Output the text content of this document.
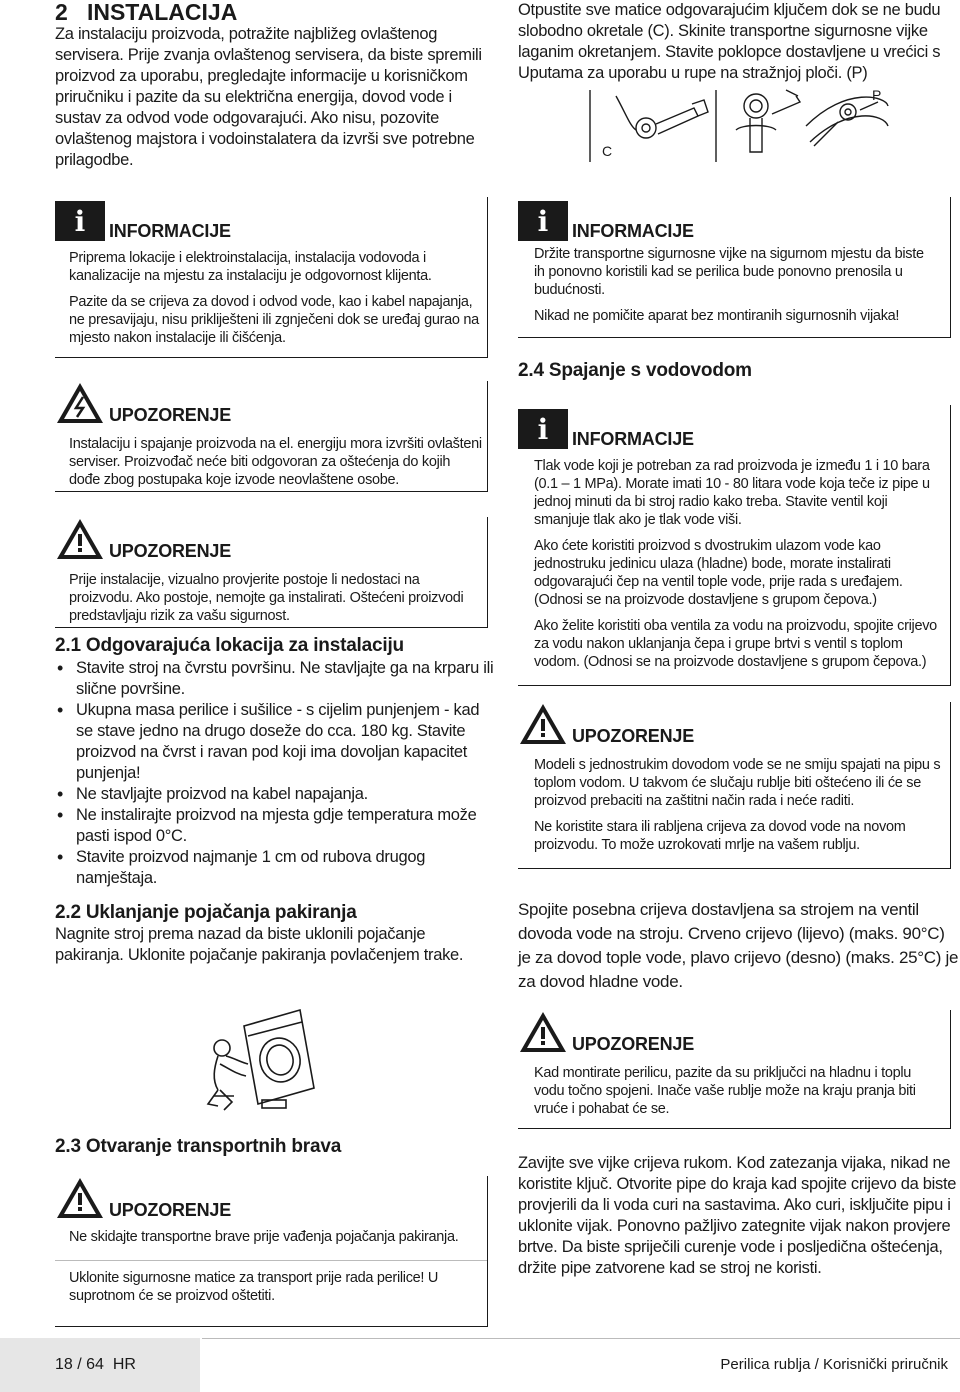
2 INSTALACIJA
Za instalaciju proizvoda, potražite najbližeg ovlaštenog servisera. Prije zvanja ovlaštenog servisera, da biste spremili proizvod za uporabu, pregledajte informacije u korisničkom priručniku i pazite da su električna energija, dovod vode i sustav za odvod vode odgovarajući. Ako nisu, pozovite ovlaštenog majstora i vodoinstalatera da izvrši sve potrebne prilagodbe.
i	INFORMACIJE

Priprema lokacije i elektroinstalacija, instalacija vodovoda i kanalizacije na mjestu za instalaciju je odgovornost klijenta.

Pazite da se crijeva za dovod i odvod vode, kao i kabel napajanja, ne presavijaju, nisu prikliješteni ili zgnječeni dok se uređaj gurao na mjesto nakon instalacije ili čišćenja.

UPOZORENJE

Instalaciju i spajanje proizvoda na el. energiju mora izvršiti ovlašteni serviser. Proizvođač neće biti odgovoran za oštećenja do kojih dođe zbog postupaka koje izvode neovlaštene osobe.

UPOZORENJE

Prije instalacije, vizualno provjerite postoje li nedostaci na proizvodu. Ako postoje, nemojte ga instalirati. Oštećeni proizvodi predstavljaju rizik za vašu sigurnost.

2.1 Odgovarajuća lokacija za instalaciju
• Stavite stroj na čvrstu površinu. Ne stavljajte ga na krparu ili slične površine.
• Ukupna masa perilice i sušilice - s cijelim punjenjem - kad se stave jedno na drugo doseže do cca. 180 kg. Stavite proizvod na čvrst i ravan pod koji ima dovoljan kapacitet punjenja!
• Ne stavljajte proizvod na kabel napajanja.
• Ne instalirajte proizvod na mjesta gdje temperatura može pasti ispod 0°C.
• Stavite proizvod najmanje 1 cm od rubova drugog namještaja.
2.2 Uklanjanje pojačanja pakiranja
Nagnite stroj prema nazad da biste uklonili pojačanje pakiranja. Uklonite pojačanje pakiranja povlačenjem trake.
2.3 Otvaranje transportnih brava
UPOZORENJE

Ne skidajte transportne brave prije vađenja pojačanja pakiranja.

Uklonite sigurnosne matice za transport prije rada perilice! U suprotnom će se proizvod oštetiti.

Otpustite sve matice odgovarajućim ključem dok se ne budu slobodno okretale (C). Skinite transportne sigurnosne vijke laganim okretanjem. Stavite poklopce dostavljene u vrećici s Uputama za uporabu u rupe na stražnjoj ploči. (P)
C
P
i	INFORMACIJE

Držite transportne sigurnosne vijke na sigurnom mjestu da biste ih ponovno koristili kad se perilica bude ponovno prenosila u budućnosti.

Nikad ne pomičite aparat bez montiranih sigurnosnih vijaka!

2.4 Spajanje s vodovodom
i	INFORMACIJE

Tlak vode koji je potreban za rad proizvoda je između 1 i 10 bara (0.1 – 1 MPa). Morate imati 10 - 80 litara vode koja teče iz pipe u jednoj minuti da bi stroj radio kako treba. Stavite ventil koji smanjuje tlak ako je tlak vode viši.

Ako ćete koristiti proizvod s dvostrukim ulazom vode kao jednostruku jedinicu ulaza (hladne) bode, morate instalirati odgovarajući čep na ventil tople vode, prije rada s uređajem. (Odnosi se na proizvode dostavljene s grupom čepova.)

Ako želite koristiti oba ventila za vodu na proizvodu, spojite crijevo za vodu nakon uklanjanja čepa i grupe brtvi s ventil s toplom vodom. (Odnosi se na proizvode dostavljene s grupom čepova.)

UPOZORENJE

Modeli s jednostrukim dovodom vode se ne smiju spajati na pipu s toplom vodom. U takvom će slučaju rublje biti oštećeno ili će se proizvod prebaciti na zaštitni način rada i neće raditi.

Ne koristite stara ili rabljena crijeva za dovod vode na novom proizvodu. To može uzrokovati mrlje na vašem rublju.

Spojite posebna crijeva dostavljena sa strojem na ventil dovoda vode na stroju. Crveno crijevo (lijevo) (maks. 90°C) je za dovod tople vode, plavo crijevo (desno) (maks. 25°C) je za dovod hladne vode.
UPOZORENJE

Kad montirate perilicu, pazite da su priključci na hladnu i toplu vodu točno spojeni. Inače vaše rublje može na kraju pranja biti vruće i pohabat će se.

Zavijte sve vijke crijeva rukom. Kod zatezanja vijaka, nikad ne koristite ključ. Otvorite pipe do kraja kad spojite crijevo da biste provjerili da li voda curi na sastavima. Ako curi, isključite pipu i uklonite vijak. Ponovno pažljivo zategnite vijak nakon provjere brtve. Da biste spriječili curenje vode i posljedična oštećenja, držite pipe zatvorene kad se stroj ne koristi.
18 / 64  HR	Perilica rublja / Korisnički priručnik
